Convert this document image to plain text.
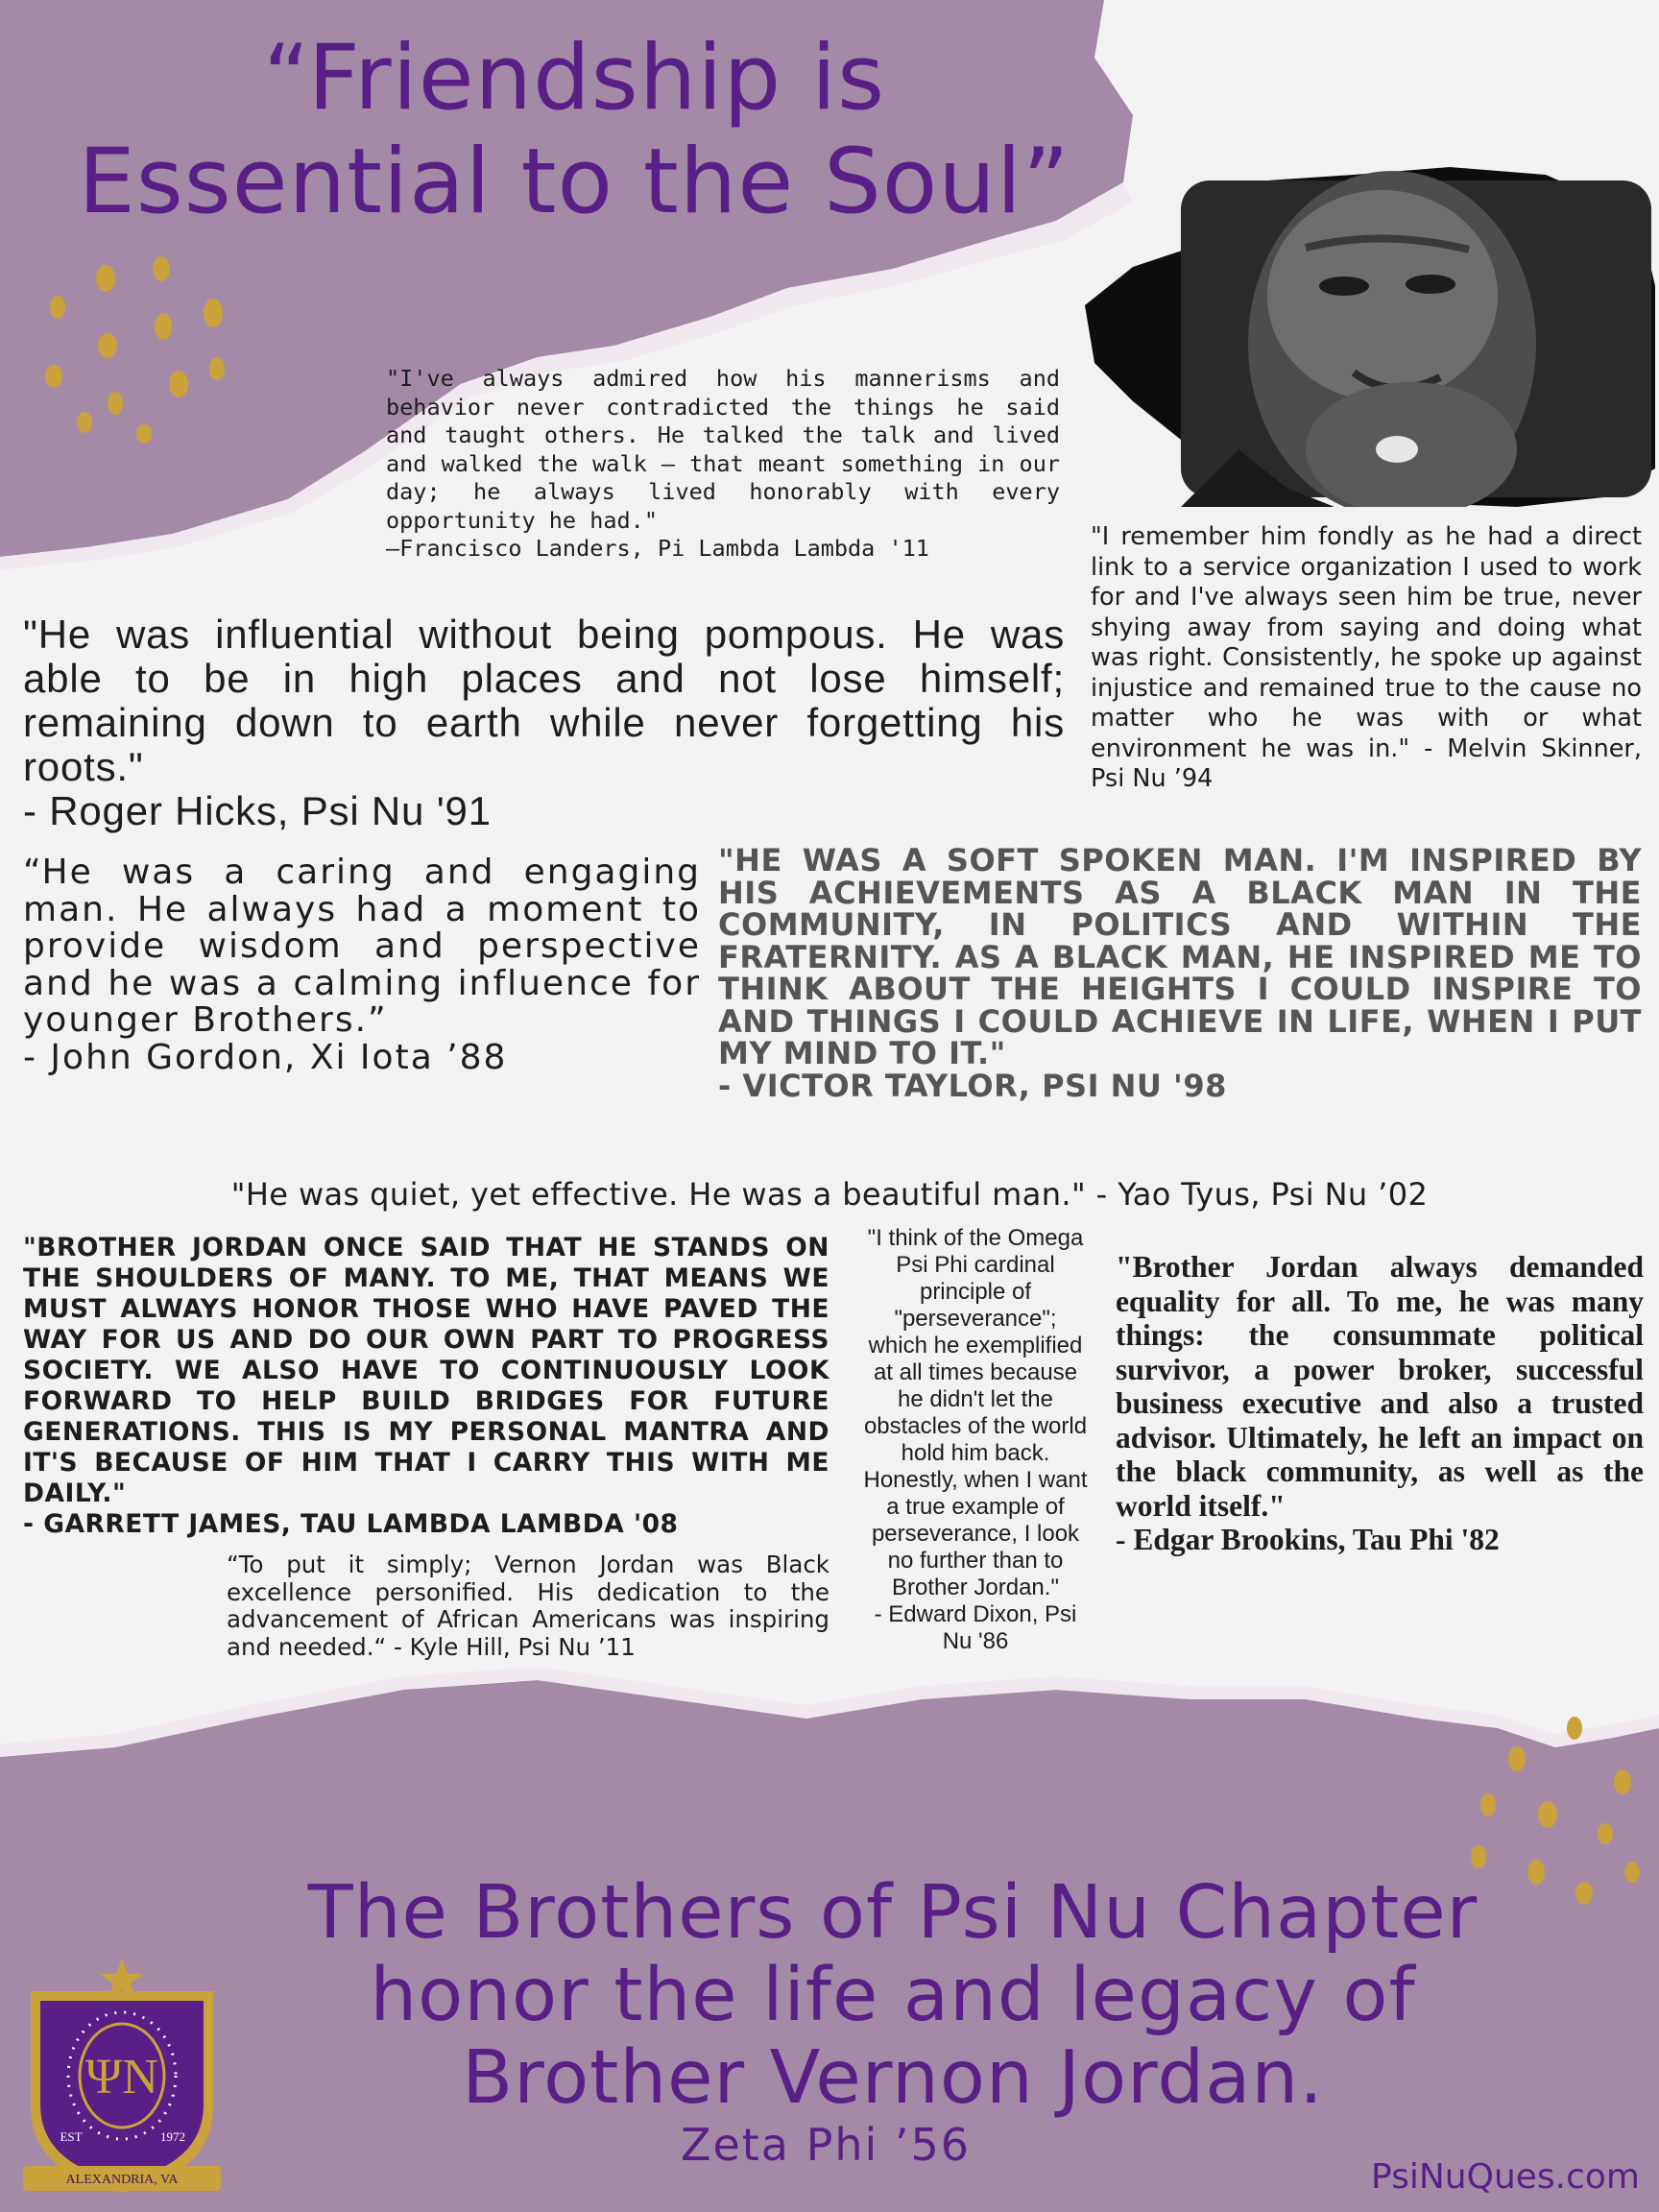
“Friendship is
Essential to the Soul”
"I've always admired how his mannerisms and behavior never contradicted the things he said and taught others. He talked the talk and lived and walked the walk – that meant something in our day; he always lived honorably with every opportunity he had."
–Francisco Landers, Pi Lambda Lambda '11
"He was influential without being pompous. He was able to be in high places and not lose himself; remaining down to earth while never forgetting his roots."
- Roger Hicks, Psi Nu '91
"I remember him fondly as he had a direct link to a service organization I used to work for and I've always seen him be true, never shying away from saying and doing what was right. Consistently, he spoke up against injustice and remained true to the cause no matter who he was with or what environment he was in." - Melvin Skinner, Psi Nu ’94
“He was a caring and engaging man. He always had a moment to provide wisdom and perspective and he was a calming influence for younger Brothers.”
- John Gordon, Xi Iota ’88
"HE WAS A SOFT SPOKEN MAN. I'M INSPIRED BY HIS ACHIEVEMENTS AS A BLACK MAN IN THE COMMUNITY, IN POLITICS AND WITHIN THE FRATERNITY. AS A BLACK MAN, HE INSPIRED ME TO THINK ABOUT THE HEIGHTS I COULD INSPIRE TO AND THINGS I COULD ACHIEVE IN LIFE, WHEN I PUT MY MIND TO IT."
- VICTOR TAYLOR, PSI NU '98
"He was quiet, yet effective. He was a beautiful man." - Yao Tyus, Psi Nu ’02
"BROTHER JORDAN ONCE SAID THAT HE STANDS ON THE SHOULDERS OF MANY. TO ME, THAT MEANS WE MUST ALWAYS HONOR THOSE WHO HAVE PAVED THE WAY FOR US AND DO OUR OWN PART TO PROGRESS SOCIETY. WE ALSO HAVE TO CONTINUOUSLY LOOK FORWARD TO HELP BUILD BRIDGES FOR FUTURE GENERATIONS. THIS IS MY PERSONAL MANTRA AND IT'S BECAUSE OF HIM THAT I CARRY THIS WITH ME DAILY."
- GARRETT JAMES, TAU LAMBDA LAMBDA '08
“To put it simply; Vernon Jordan was Black excellence personified. His dedication to the advancement of African Americans was inspiring and needed.“ - Kyle Hill, Psi Nu ’11
"I think of the Omega Psi Phi cardinal principle of "perseverance"; which he exemplified at all times because he didn't let the obstacles of the world hold him back. Honestly, when I want a true example of perseverance, I look no further than to Brother Jordan."
- Edward Dixon, Psi Nu '86
"Brother Jordan always demanded equality for all. To me, he was many things: the consummate political survivor, a power broker, successful business executive and also a trusted advisor. Ultimately, he left an impact on the black community, as well as the world itself."
- Edgar Brookins, Tau Phi '82
The Brothers of Psi Nu Chapter
honor the life and legacy of
Brother Vernon Jordan.
Zeta Phi ’56
ΨN
EST	1972
ALEXANDRIA, VA	PsiNuQues.com
